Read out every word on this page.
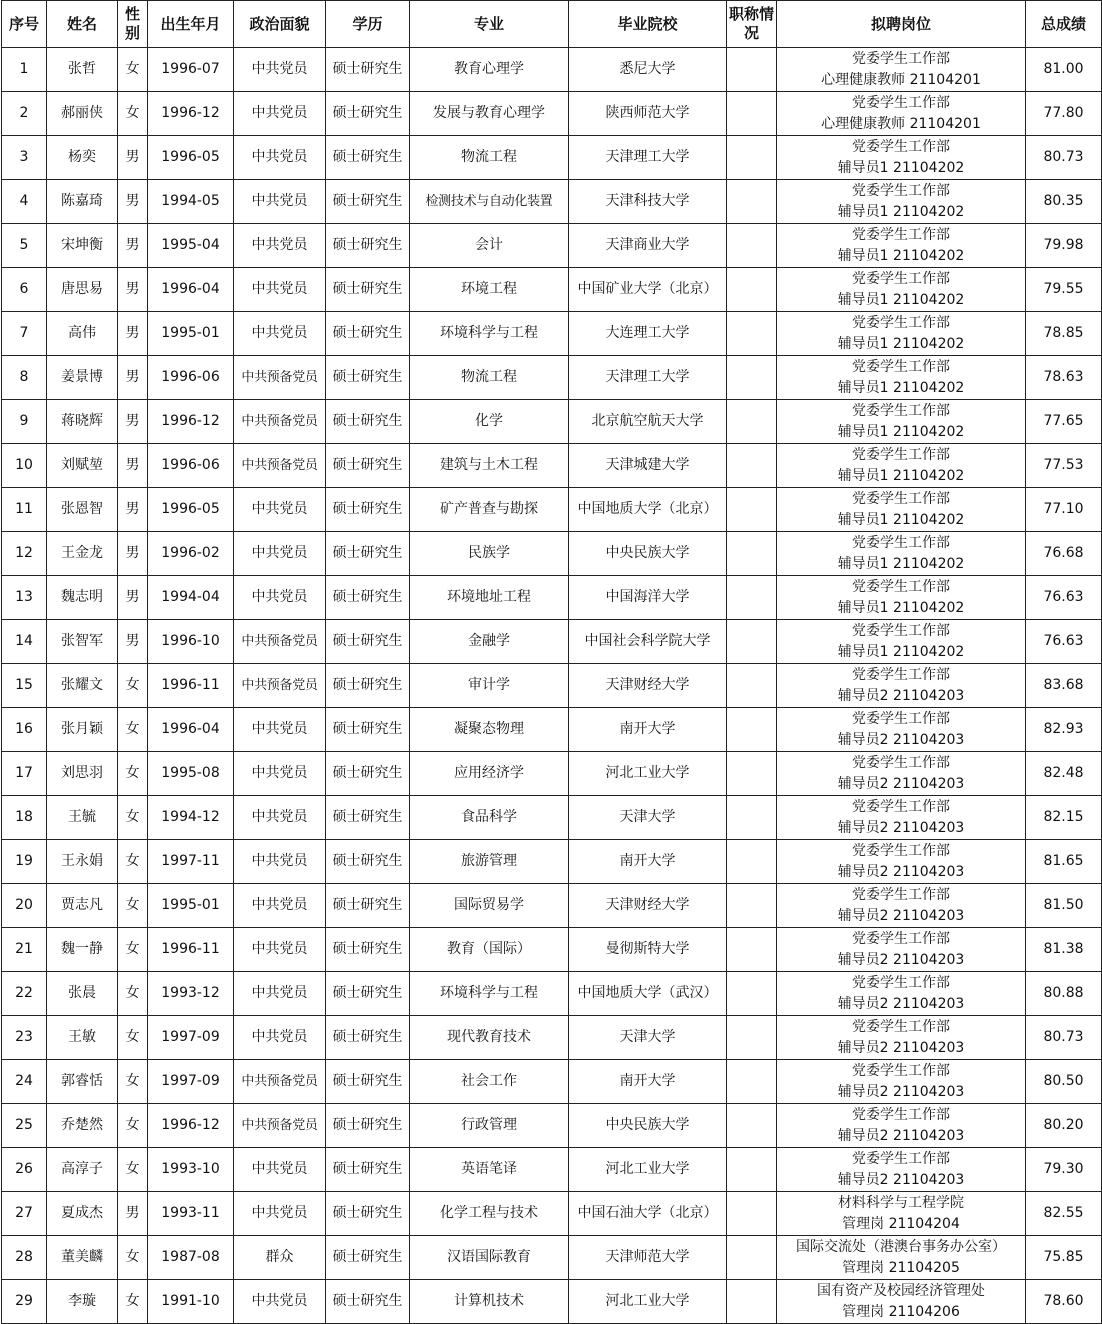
序号	姓名	性别	出生年月	政治面貌	学历	专业	毕业院校	职称情况	拟聘岗位	总成绩
1	张哲	女	1996-07	中共党员	硕士研究生	教育心理学	悉尼大学		党委学生工作部
心理健康教师 21104201	81.00
2	郝丽侠	女	1996-12	中共党员	硕士研究生	发展与教育心理学	陕西师范大学		党委学生工作部
心理健康教师 21104201	77.80
3	杨奕	男	1996-05	中共党员	硕士研究生	物流工程	天津理工大学		党委学生工作部
辅导员1 21104202	80.73
4	陈嘉琦	男	1994-05	中共党员	硕士研究生	检测技术与自动化装置	天津科技大学		党委学生工作部
辅导员1 21104202	80.35
5	宋坤衡	男	1995-04	中共党员	硕士研究生	会计	天津商业大学		党委学生工作部
辅导员1 21104202	79.98
6	唐思易	男	1996-04	中共党员	硕士研究生	环境工程	中国矿业大学（北京）		党委学生工作部
辅导员1 21104202	79.55
7	高伟	男	1995-01	中共党员	硕士研究生	环境科学与工程	大连理工大学		党委学生工作部
辅导员1 21104202	78.85
8	姜景博	男	1996-06	中共预备党员	硕士研究生	物流工程	天津理工大学		党委学生工作部
辅导员1 21104202	78.63
9	蒋晓辉	男	1996-12	中共预备党员	硕士研究生	化学	北京航空航天大学		党委学生工作部
辅导员1 21104202	77.65
10	刘赋堃	男	1996-06	中共预备党员	硕士研究生	建筑与土木工程	天津城建大学		党委学生工作部
辅导员1 21104202	77.53
11	张恩智	男	1996-05	中共党员	硕士研究生	矿产普查与勘探	中国地质大学（北京）		党委学生工作部
辅导员1 21104202	77.10
12	王金龙	男	1996-02	中共党员	硕士研究生	民族学	中央民族大学		党委学生工作部
辅导员1 21104202	76.68
13	魏志明	男	1994-04	中共党员	硕士研究生	环境地址工程	中国海洋大学		党委学生工作部
辅导员1 21104202	76.63
14	张智军	男	1996-10	中共预备党员	硕士研究生	金融学	中国社会科学院大学		党委学生工作部
辅导员1 21104202	76.63
15	张耀文	女	1996-11	中共预备党员	硕士研究生	审计学	天津财经大学		党委学生工作部
辅导员2 21104203	83.68
16	张月颖	女	1996-04	中共党员	硕士研究生	凝聚态物理	南开大学		党委学生工作部
辅导员2 21104203	82.93
17	刘思羽	女	1995-08	中共党员	硕士研究生	应用经济学	河北工业大学		党委学生工作部
辅导员2 21104203	82.48
18	王毓	女	1994-12	中共党员	硕士研究生	食品科学	天津大学		党委学生工作部
辅导员2 21104203	82.15
19	王永娟	女	1997-11	中共党员	硕士研究生	旅游管理	南开大学		党委学生工作部
辅导员2 21104203	81.65
20	贾志凡	女	1995-01	中共党员	硕士研究生	国际贸易学	天津财经大学		党委学生工作部
辅导员2 21104203	81.50
21	魏一静	女	1996-11	中共党员	硕士研究生	教育（国际）	曼彻斯特大学		党委学生工作部
辅导员2 21104203	81.38
22	张晨	女	1993-12	中共党员	硕士研究生	环境科学与工程	中国地质大学（武汉）		党委学生工作部
辅导员2 21104203	80.88
23	王敏	女	1997-09	中共党员	硕士研究生	现代教育技术	天津大学		党委学生工作部
辅导员2 21104203	80.73
24	郭睿恬	女	1997-09	中共预备党员	硕士研究生	社会工作	南开大学		党委学生工作部
辅导员2 21104203	80.50
25	乔楚然	女	1996-12	中共预备党员	硕士研究生	行政管理	中央民族大学		党委学生工作部
辅导员2 21104203	80.20
26	高淳子	女	1993-10	中共党员	硕士研究生	英语笔译	河北工业大学		党委学生工作部
辅导员2 21104203	79.30
27	夏成杰	男	1993-11	中共党员	硕士研究生	化学工程与技术	中国石油大学（北京）		材料科学与工程学院
管理岗 21104204	82.55
28	董美麟	女	1987-08	群众	硕士研究生	汉语国际教育	天津师范大学		国际交流处（港澳台事务办公室）
管理岗 21104205	75.85
29	李璇	女	1991-10	中共党员	硕士研究生	计算机技术	河北工业大学		国有资产及校园经济管理处
管理岗 21104206	78.60
